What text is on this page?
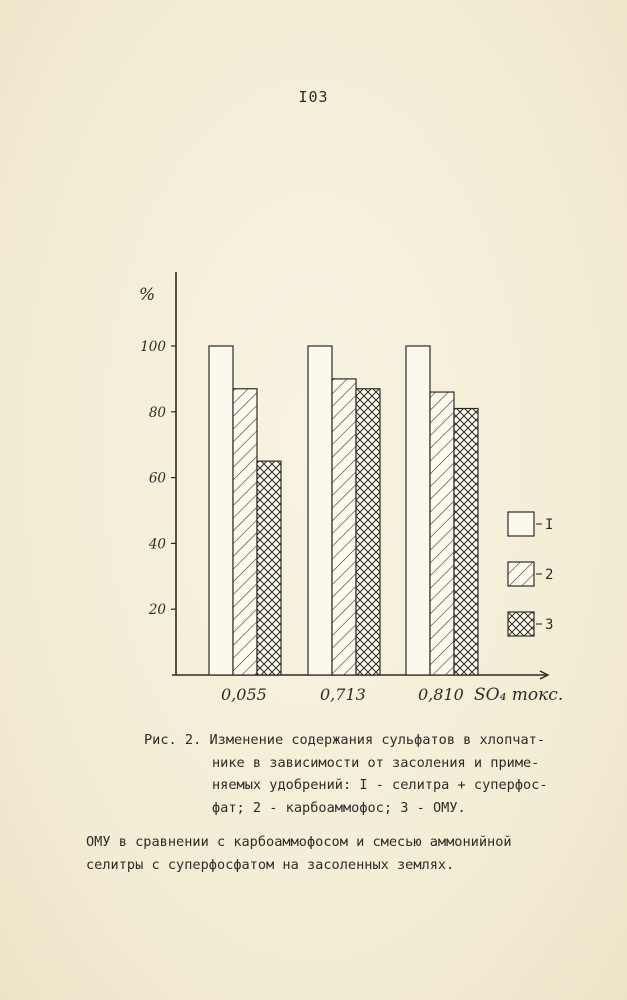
I03
%
20
40
60
80
100
0,055	0,713	0,810 SO₄ токс.
I
2
3
Рис. 2. Изменение содержания сульфатов в хлопчат-
нике в зависимости от засоления и приме-
няемых удобрений: I - селитра + суперфос-
фат; 2 - карбоаммофос; 3 - ОМУ.
ОМУ в сравнении с карбоаммофосом и смесью аммонийной
селитры с суперфосфатом на засоленных землях.
